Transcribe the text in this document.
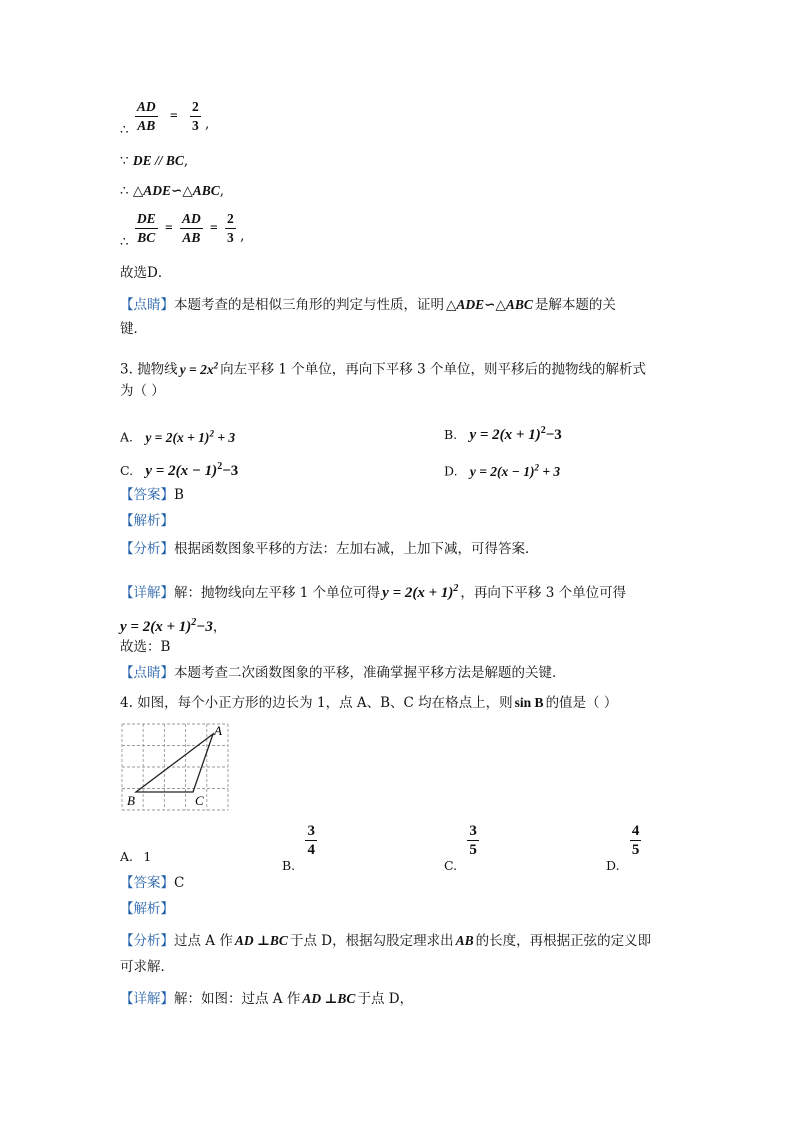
∴ $\frac{AD}{AB} = \frac{2}{3}$ ,
∵ DE // BC,
∴ △ADE∽△ABC,
∴ $\frac{DE}{BC} = \frac{AD}{AB} = \frac{2}{3}$ ,
故选D．
【点睛】本题考查的是相似三角形的判定与性质，证明 △ADE∽△ABC 是解本题的关
键．
3. 抛物线 $y = 2x^2$ 向左平移 1 个单位，再向下平移 3 个单位，则平移后的抛物线的解析式
为（ ）
A. $y = 2(x + 1)^2 + 3$	B. $y = 2(x + 1)^2-3$
C. $y = 2(x - 1)^2-3$	D. $y = 2(x - 1)^2 + 3$
【答案】B
【解析】
【分析】根据函数图象平移的方法：左加右减，上加下减，可得答案．
【详解】解：抛物线向左平移 1 个单位可得 $y = 2(x + 1)^2$ ，再向下平移 3 个单位可得
$y = 2(x + 1)^2-3$，
故选：B
【点睛】本题考查二次函数图象的平移，准确掌握平移方法是解题的关键．
4. 如图，每个小正方形的边长为 1，点 A、B、C 均在格点上，则 sin B 的值是（ ）
A
B	C
A. 1
B.
$\frac{3}{4}$
C.
$\frac{3}{5}$
D.
$\frac{4}{5}$
【答案】C
【解析】
【分析】过点 A 作 AD ⊥BC 于点 D，根据勾股定理求出 AB 的长度，再根据正弦的定义即
可求解．
【详解】解：如图：过点 A 作 AD ⊥BC 于点 D，
